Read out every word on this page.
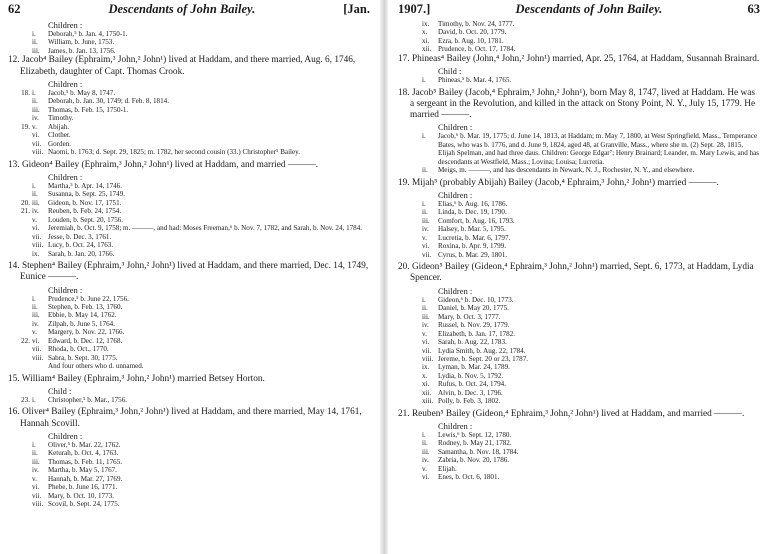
62	Descendants of John Bailey.	[Jan.
Children :
i.	Deborah,⁵ b. Jan. 4, 1750-1.
ii.	William, b. June, 1753.
iii.	James, b. Jan. 13, 1756.

12. Jacob⁴ Bailey (Ephraim,³ John,² John¹) lived at Haddam, and there married, Aug. 6, 1746, Elizabeth, daughter of Capt. Thomas Crook.

Children :
18. i.	Jacob,⁵ b. May 8, 1747.
ii.	Deborah, b. Jan. 30, 1749; d. Feb. 8, 1814.
iii.	Thomas, b. Feb. 15, 1750-1.
iv.	Timothy.
19. v.	Abijah.
vi.	Clother.
vii. Gorden.
viii. Naomi, b. 1763; d. Sept. 29, 1825; m. 1782, her second cousin (33.) Christopher⁵ Bailey.

13. Gideon⁴ Bailey (Ephraim,³ John,² John¹) lived at Haddam, and married ———.

Children :
i.	Martha,⁵ b. Apr. 14, 1746.
ii.	Susanna, b. Sept. 25, 1749.
20. iii.	Gideon, b. Nov. 17, 1751.
21. iv.	Reuben, b. Feb. 24, 1754.
v.	Louden, b. Sept. 20, 1756.
vi.	Jeremiah, b. Oct. 9, 1758; m. ———, and had: Moses Freeman,⁶ b. Nov. 7, 1782, and Sarah, b. Nov. 24, 1784.
vii. Jesse, b. Dec. 3, 1761.
viii. Lucy, b. Oct. 24, 1763.
ix.	Sarah, b. Jan. 20, 1766.

14. Stephen⁴ Bailey (Ephraim,³ John,² John¹) lived at Haddam, and there married, Dec. 14, 1749, Eunice ———.

Children :
i.	Prudence,⁵ b. June 22, 1756.
ii.	Stephen, b. Feb. 13, 1760.
iii.	Ebbie, b. May 14, 1762.
iv.	Zilpah, b. June 5, 1764.
v.	Margery, b. Nov. 22, 1766.
22. vi.	Edward, b. Dec. 12, 1768.
vii. Rhoda, b. Oct., 1770.
viii. Sabra, b. Sept. 30, 1775.
And four others who d. unnamed.

15. William⁴ Bailey (Ephraim,³ John,² John¹) married Betsey Horton.

Child :
23. i.	Christopher,⁵ b. Mar., 1756.

16. Oliver⁴ Bailey (Ephraim,³ John,² John¹) lived at Haddam, and there married, May 14, 1761, Hannah Scovill.

Children :
i.	Oliver,⁵ b. Mar. 22, 1762.
ii.	Keturah, b. Oct. 4, 1763.
iii.	Thomas, b. Feb. 11, 1765.
iv.	Martha, b. May 5, 1767.
v.	Hannah, b. Mar. 27, 1769.
vi.	Phebe, b. June 16, 1771.
vii. Mary, b. Oct. 10, 1773.
viii. Scovil, b. Sept. 24, 1775.
1907.]	Descendants of John Bailey.	63
ix.	Timothy, b. Nov. 24, 1777.
x.	David, b. Oct. 20, 1779.
xi.	Ezra, b. Aug. 10, 1781.
xii. Prudence, b. Oct. 17, 1784.

17. Phineas⁴ Bailey (John,⁴ John,² John¹) married, Apr. 25, 1764, at Haddam, Susannah Brainard.

Child :
i.	Phineas,⁵ b. Mar. 4, 1765.

18. Jacob⁵ Bailey (Jacob,⁴ Ephraim,³ John,² John¹), born May 8, 1747, lived at Haddam. He was a sergeant in the Revolution, and killed in the attack on Stony Point, N. Y., July 15, 1779. He married ———.

Children :
i.	Jacob,⁶ b. Mar. 19, 1775; d. June 14, 1813, at Haddam; m. May 7, 1800, at West Springfield, Mass., Temperance Bates, who was b. 1776, and d. June 9, 1824, aged 48, at Granville, Mass., where she m. (2) Sept. 28, 1815, Elijah Spelman, and had three daus. Children: George Edgar⁷; Henry Brainard; Leander, m. Mary Lewis, and has descendants at Westfield, Mass.; Lovina; Louisa; Lucretia.
ii.	Meigs, m. ———, and has descendants in Newark, N. J., Rochester, N. Y., and elsewhere.

19. Mijah⁵ (probably Abijah) Bailey (Jacob,⁴ Ephraim,³ John,² John¹) married ———.

Children :
i.	Elias,⁶ b. Aug. 16, 1786.
ii.	Linda, b. Dec. 19, 1790.
iii.	Comfort, b. Aug. 16, 1793.
iv.	Halsey, b. Mar. 5, 1795.
v.	Lucretia, b. Mar. 6, 1797.
vi.	Roxina, b. Apr. 9, 1799.
vii. Cyrus, b. Mar. 29, 1801.

20. Gideon⁵ Bailey (Gideon,⁴ Ephraim,³ John,² John¹) married, Sept. 6, 1773, at Haddam, Lydia Spencer.

Children :
i.	Gideon,⁶ b. Dec. 10, 1773.
ii.	Daniel, b. May 20, 1775.
iii.	Mary, b. Oct. 3, 1777.
iv.	Russel, b. Nov. 29, 1779.
v.	Elizabeth, b. Jan. 17, 1782.
vi.	Sarah, b. Aug. 22, 1783.
vii. Lydia Smith, b. Aug. 22, 1784.
viii. Jereme, b. Sept. 20 or 23, 1787.
ix.	Lyman, b. Mar. 24, 1789.
x.	Lydia, b. Nov. 5, 1792.
xi.	Rufus, b. Oct. 24, 1794.
xii. Alvin, b. Dec. 3, 1796.
xiii. Polly, b. Feb. 3, 1802.

21. Reuben⁵ Bailey (Gideon,⁴ Ephraim,³ John,² John¹) lived at Haddam, and married ———.

Children :
i.	Lewis,⁶ b. Sept. 12, 1780.
ii.	Rodney, b. May 21, 1782.
iii.	Samantha, b. Nov. 18, 1784.
iv.	Zabria, b. Nov. 20, 1786.
v.	Elijah.
vi.	Enes, b. Oct. 6, 1801.
